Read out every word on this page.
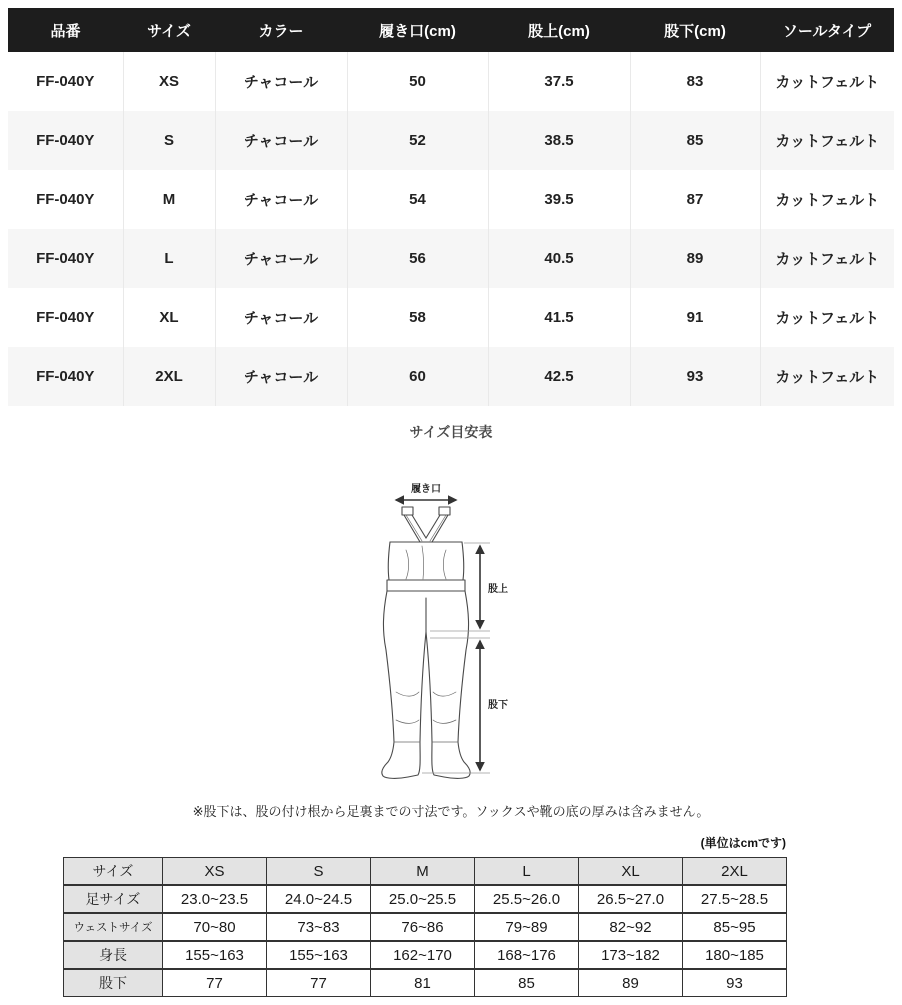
品番	サイズ	カラー	履き口(cm)	股上(cm)	股下(cm)	ソールタイプ
FF-040Y	XS	チャコール	50	37.5	83	カットフェルト
FF-040Y	S	チャコール	52	38.5	85	カットフェルト
FF-040Y	M	チャコール	54	39.5	87	カットフェルト
FF-040Y	L	チャコール	56	40.5	89	カットフェルト
FF-040Y	XL	チャコール	58	41.5	91	カットフェルト
FF-040Y	2XL	チャコール	60	42.5	93	カットフェルト
サイズ目安表
履き口
股上
股下
※股下は、股の付け根から足裏までの寸法です。ソックスや靴の底の厚みは含みません。
(単位はcmです)
サイズ	XS	S	M	L	XL	2XL
足サイズ	23.0~23.5	24.0~24.5	25.0~25.5	25.5~26.0	26.5~27.0	27.5~28.5
ウェストサイズ	70~80	73~83	76~86	79~89	82~92	85~95
身長	155~163	155~163	162~170	168~176	173~182	180~185
股下	77	77	81	85	89	93
